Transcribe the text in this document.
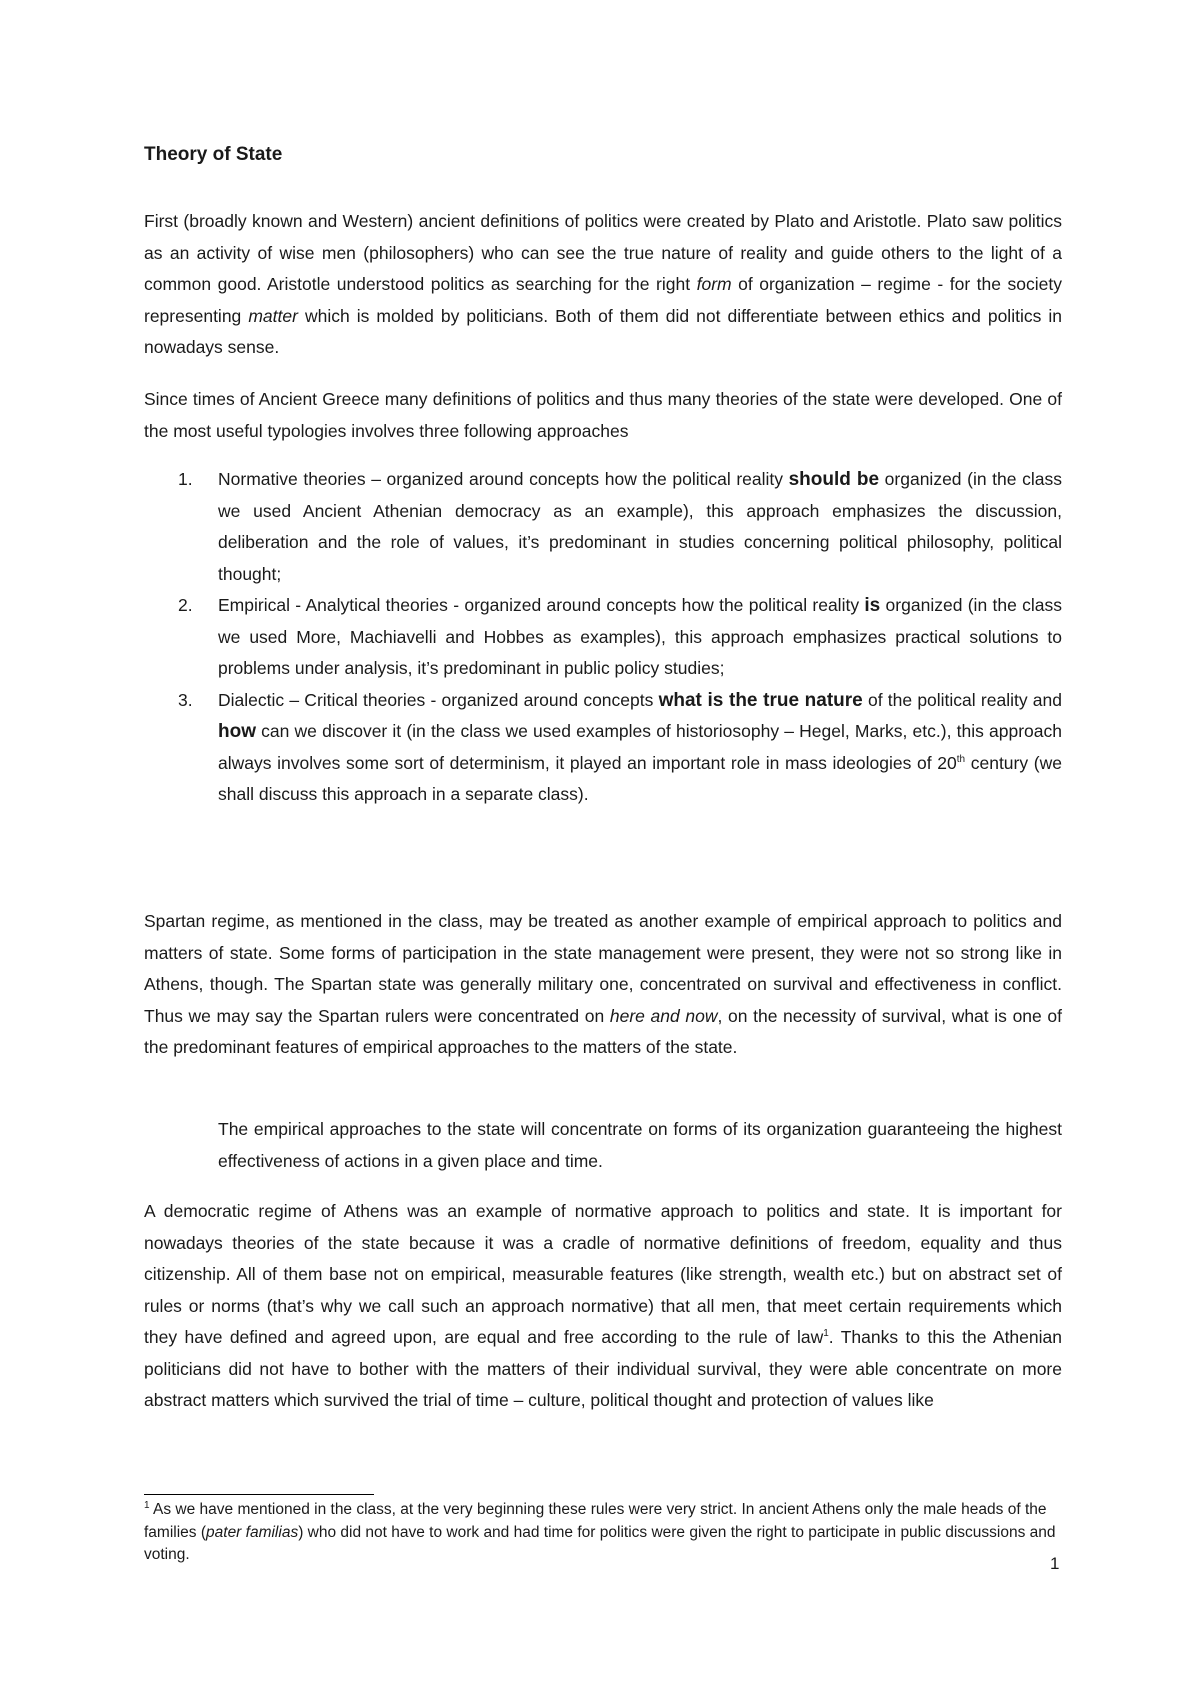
Theory of State

First (broadly known and Western) ancient definitions of politics were created by Plato and Aristotle. Plato saw politics as an activity of wise men (philosophers) who can see the true nature of reality and guide others to the light of a common good. Aristotle understood politics as searching for the right form of organization – regime - for the society representing matter which is molded by politicians. Both of them did not differentiate between ethics and politics in nowadays sense.

Since times of Ancient Greece many definitions of politics and thus many theories of the state were developed. One of the most useful typologies involves three following approaches

1. Normative theories – organized around concepts how the political reality should be organized (in the class we used Ancient Athenian democracy as an example), this approach emphasizes the discussion, deliberation and the role of values, it’s predominant in studies concerning political philosophy, political thought;
2. Empirical - Analytical theories - organized around concepts how the political reality is organized (in the class we used More, Machiavelli and Hobbes as examples), this approach emphasizes practical solutions to problems under analysis, it’s predominant in public policy studies;
3. Dialectic – Critical theories - organized around concepts what is the true nature of the political reality and how can we discover it (in the class we used examples of historiosophy – Hegel, Marks, etc.), this approach always involves some sort of determinism, it played an important role in mass ideologies of 20th century (we shall discuss this approach in a separate class).

Spartan regime, as mentioned in the class, may be treated as another example of empirical approach to politics and matters of state. Some forms of participation in the state management were present, they were not so strong like in Athens, though. The Spartan state was generally military one, concentrated on survival and effectiveness in conflict. Thus we may say the Spartan rulers were concentrated on here and now, on the necessity of survival, what is one of the predominant features of empirical approaches to the matters of the state.

The empirical approaches to the state will concentrate on forms of its organization guaranteeing the highest effectiveness of actions in a given place and time.

A democratic regime of Athens was an example of normative approach to politics and state. It is important for nowadays theories of the state because it was a cradle of normative definitions of freedom, equality and thus citizenship. All of them base not on empirical, measurable features (like strength, wealth etc.) but on abstract set of rules or norms (that’s why we call such an approach normative) that all men, that meet certain requirements which they have defined and agreed upon, are equal and free according to the rule of law$^1$. Thanks to this the Athenian politicians did not have to bother with the matters of their individual survival, they were able concentrate on more abstract matters which survived the trial of time – culture, political thought and protection of values like

$^1$ As we have mentioned in the class, at the very beginning these rules were very strict. In ancient Athens only the male heads of the families (pater familias) who did not have to work and had time for politics were given the right to participate in public discussions and voting.	1
